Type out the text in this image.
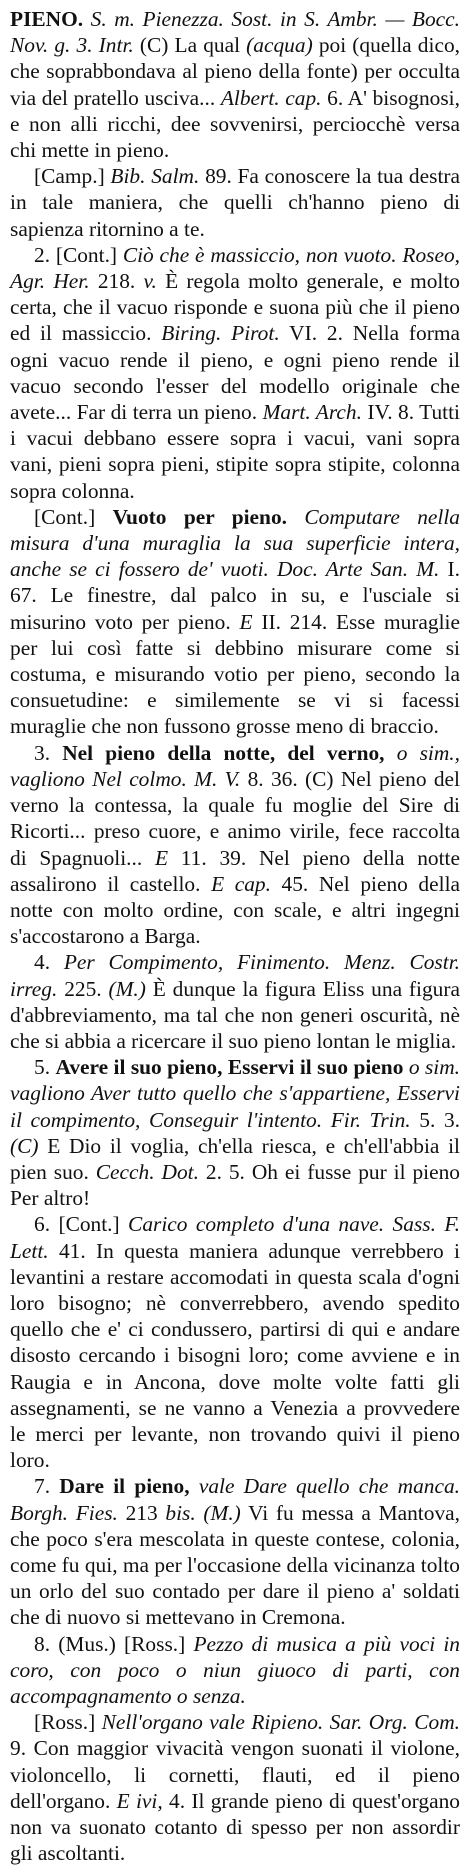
PIENO. S. m. Pienezza. Sost. in S. Ambr. — Bocc. Nov. g. 3. Intr. (C) La qual (acqua) poi (quella dico, che soprabbondava al pieno della fonte) per occulta via del pratello usciva... Albert. cap. 6. A' bisognosi, e non alli ricchi, dee sovvenirsi, perciocchè versa chi mette in pieno.

[Camp.] Bib. Salm. 89. Fa conoscere la tua destra in tale maniera, che quelli ch'hanno pieno di sapienza ritornino a te.

2. [Cont.] Ciò che è massiccio, non vuoto. Roseo, Agr. Her. 218. v. È regola molto generale, e molto certa, che il vacuo risponde e suona più che il pieno ed il massiccio. Biring. Pirot. VI. 2. Nella forma ogni vacuo rende il pieno, e ogni pieno rende il vacuo secondo l'esser del modello originale che avete... Far di terra un pieno. Mart. Arch. IV. 8. Tutti i vacui debbano essere sopra i vacui, vani sopra vani, pieni sopra pieni, stipite sopra stipite, colonna sopra colonna.

[Cont.] Vuoto per pieno. Computare nella misura d'una muraglia la sua superficie intera, anche se ci fossero de' vuoti. Doc. Arte San. M. I. 67. Le finestre, dal palco in su, e l'usciale si misurino voto per pieno. E II. 214. Esse muraglie per lui così fatte si debbino misurare come si costuma, e misurando votio per pieno, secondo la consuetudine: e similemente se vi si facessi muraglie che non fussono grosse meno di braccio.

3. Nel pieno della notte, del verno, o sim., vagliono Nel colmo. M. V. 8. 36. (C) Nel pieno del verno la contessa, la quale fu moglie del Sire di Ricorti... preso cuore, e animo virile, fece raccolta di Spagnuoli... E 11. 39. Nel pieno della notte assalirono il castello. E cap. 45. Nel pieno della notte con molto ordine, con scale, e altri ingegni s'accostarono a Barga.

4. Per Compimento, Finimento. Menz. Costr. irreg. 225. (M.) È dunque la figura Eliss una figura d'abbreviamento, ma tal che non generi oscurità, nè che si abbia a ricercare il suo pieno lontan le miglia.

5. Avere il suo pieno, Esservi il suo pieno o sim. vagliono Aver tutto quello che s'appartiene, Esservi il compimento, Conseguir l'intento. Fir. Trin. 5. 3. (C) E Dio il voglia, ch'ella riesca, e ch'ell'abbia il pien suo. Cecch. Dot. 2. 5. Oh ei fusse pur il pieno Per altro!

6. [Cont.] Carico completo d'una nave. Sass. F. Lett. 41. In questa maniera adunque verrebbero i levantini a restare accomodati in questa scala d'ogni loro bisogno; nè converrebbero, avendo spedito quello che e' ci condussero, partirsi di qui e andare disosto cercando i bisogni loro; come avviene e in Raugia e in Ancona, dove molte volte fatti gli assegnamenti, se ne vanno a Venezia a provvedere le merci per levante, non trovando quivi il pieno loro.

7. Dare il pieno, vale Dare quello che manca. Borgh. Fies. 213 bis. (M.) Vi fu messa a Mantova, che poco s'era mescolata in queste contese, colonia, come fu qui, ma per l'occasione della vicinanza tolto un orlo del suo contado per dare il pieno a' soldati che di nuovo si mettevano in Cremona.

8. (Mus.) [Ross.] Pezzo di musica a più voci in coro, con poco o niun giuoco di parti, con accompagnamento o senza.

[Ross.] Nell'organo vale Ripieno. Sar. Org. Com. 9. Con maggior vivacità vengon suonati il violone, violoncello, li cornetti, flauti, ed il pieno dell'organo. E ivi, 4. Il grande pieno di quest'organo non va suonato cotanto di spesso per non assordir gli ascoltanti.
